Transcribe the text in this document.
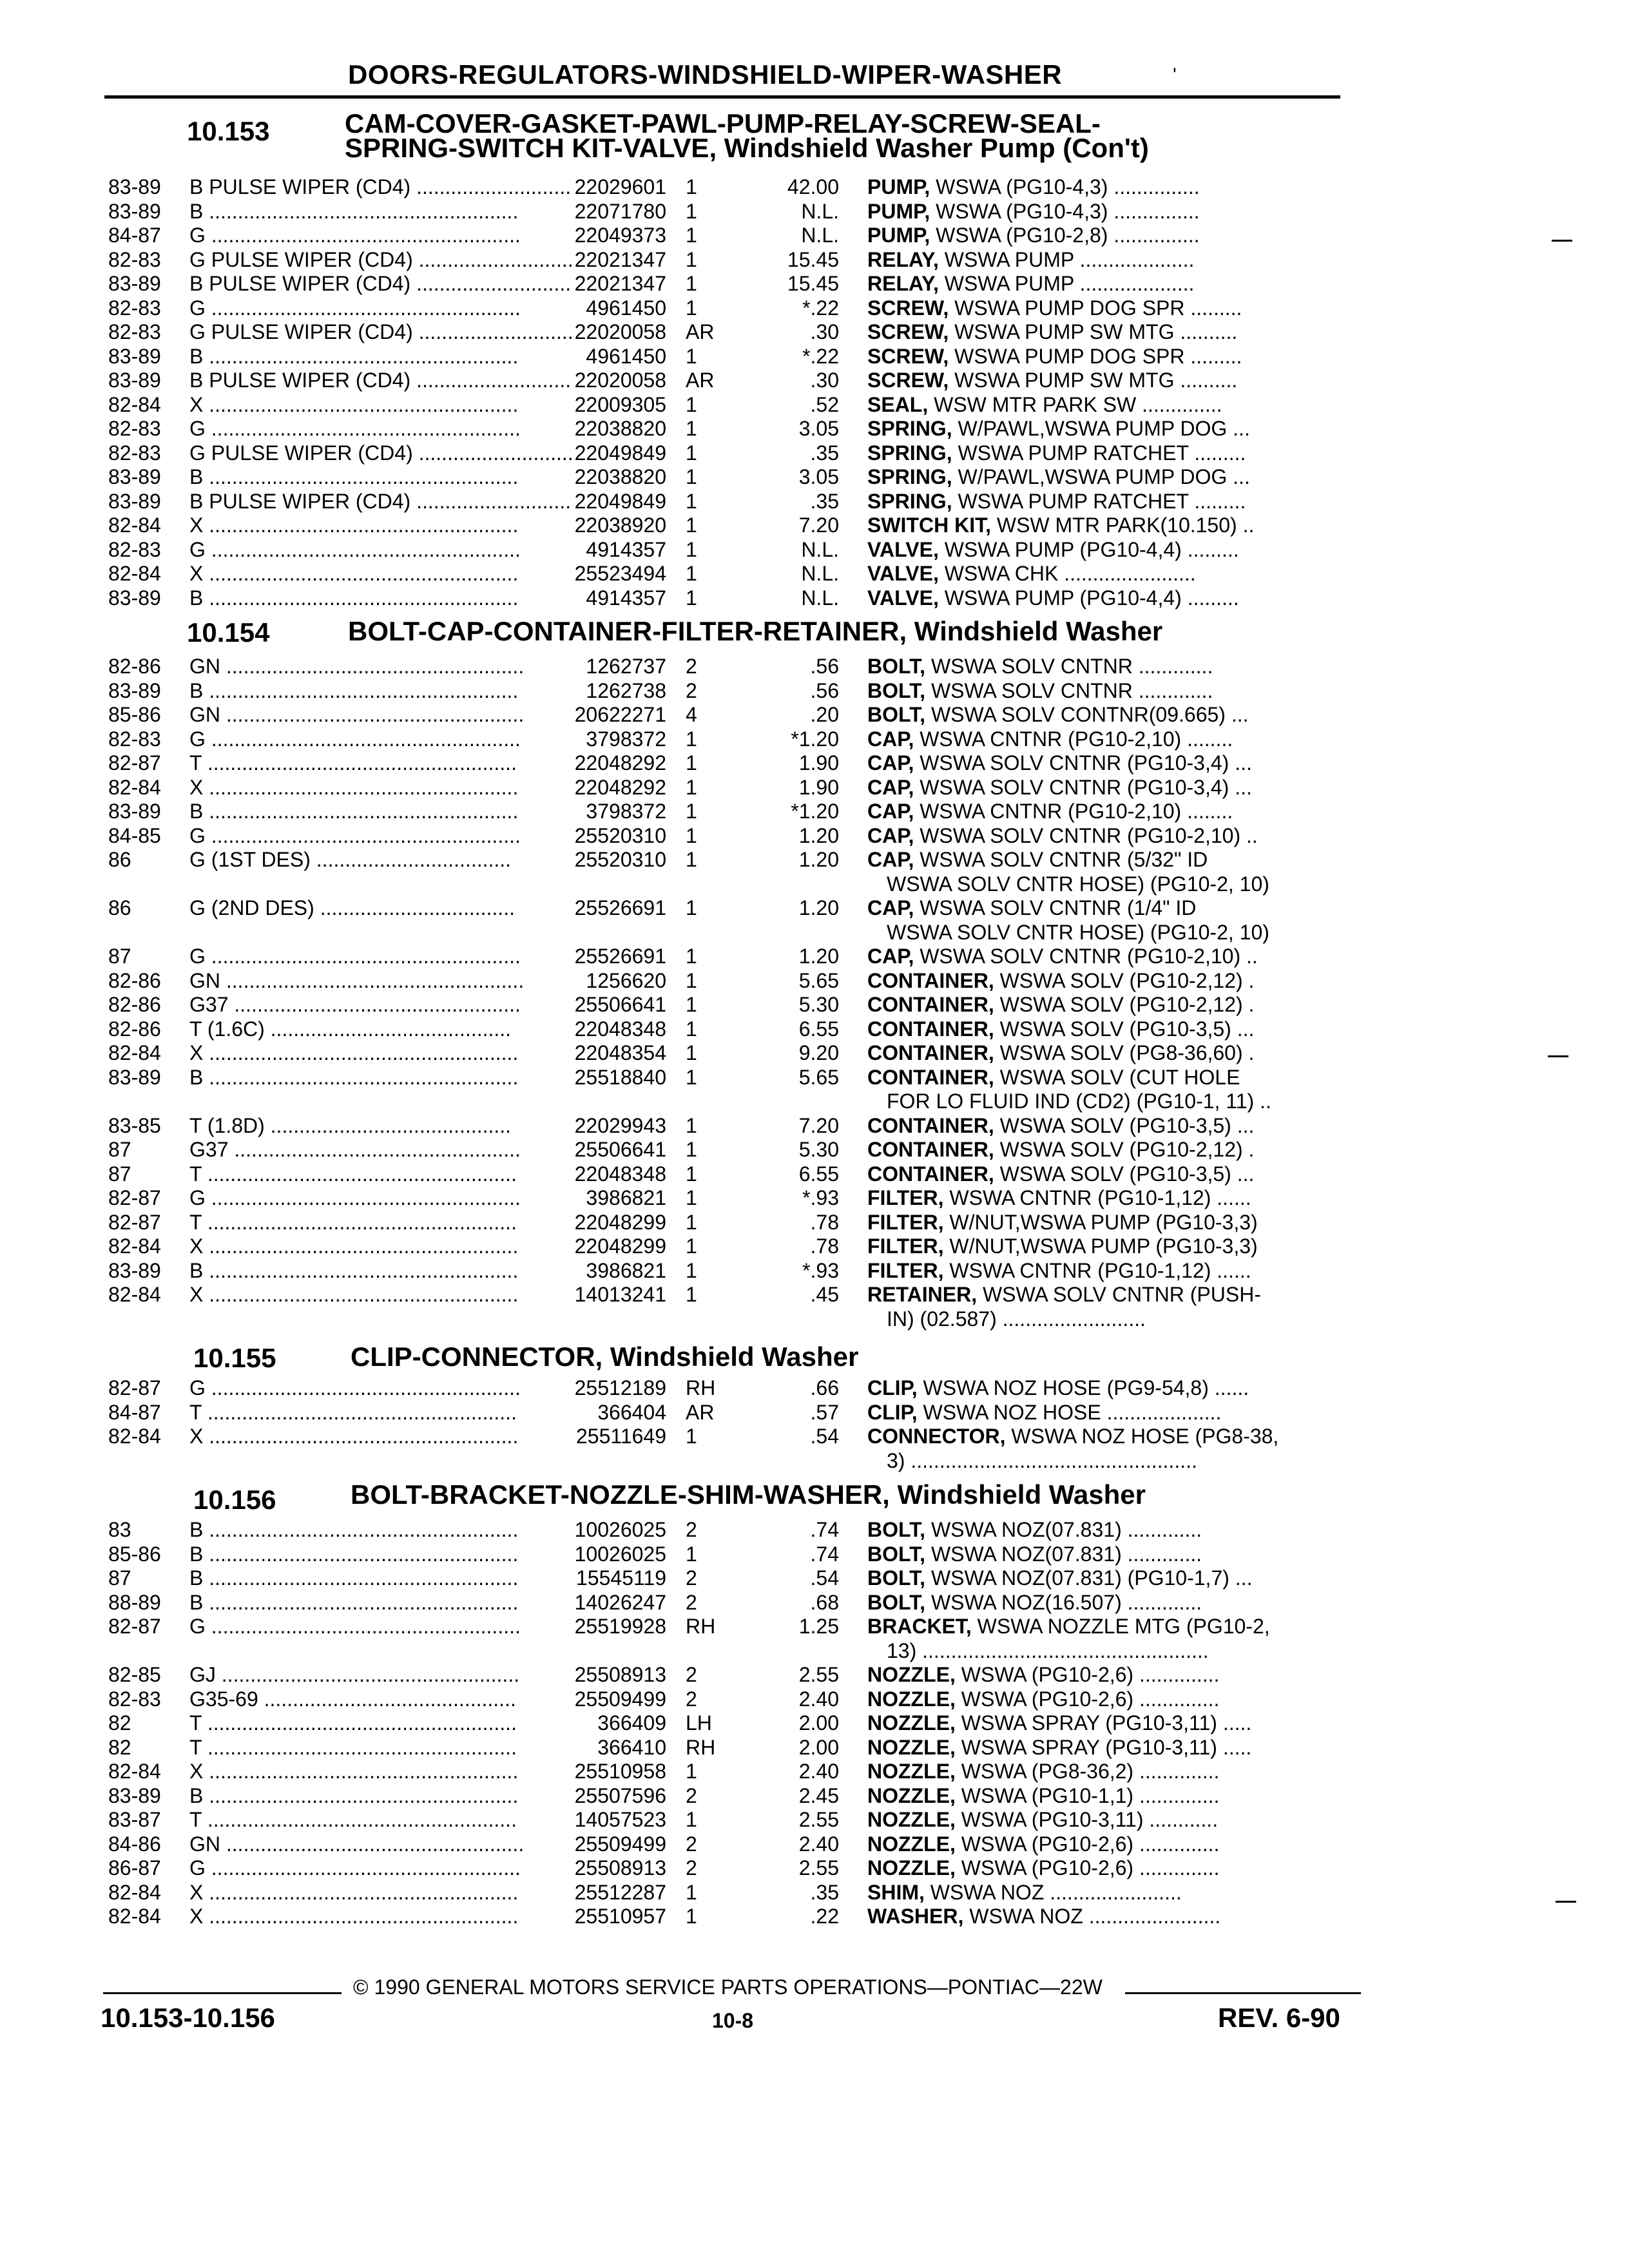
DOORS-REGULATORS-WINDSHIELD-WIPER-WASHER	'
10.153	CAM-COVER-GASKET-PAWL-PUMP-RELAY-SCREW-SEAL-
SPRING-SWITCH KIT-VALVE, Windshield Washer Pump (Con't)
83-89 B PULSE WIPER (CD4) ........................... 22029601 1	42.00 PUMP, WSWA (PG10-4,3) ...............
83-89 B ......................................................	22071780 1	N.L. PUMP, WSWA (PG10-4,3) ...............
84-87 G ......................................................	22049373 1	N.L. PUMP, WSWA (PG10-2,8) ...............
82-83 G PULSE WIPER (CD4) ........................... 22021347 1	15.45 RELAY, WSWA PUMP ....................
83-89 B PULSE WIPER (CD4) ........................... 22021347 1	15.45 RELAY, WSWA PUMP ....................
82-83 G ......................................................	4961450 1	*.22 SCREW, WSWA PUMP DOG SPR .........
82-83 G PULSE WIPER (CD4) ........................... 22020058 AR	.30 SCREW, WSWA PUMP SW MTG ..........
83-89 B ......................................................	4961450 1	*.22 SCREW, WSWA PUMP DOG SPR .........
83-89 B PULSE WIPER (CD4) ........................... 22020058 AR	.30 SCREW, WSWA PUMP SW MTG ..........
82-84 X ......................................................	22009305 1	.52 SEAL, WSW MTR PARK SW ..............
82-83 G ......................................................	22038820 1	3.05 SPRING, W/PAWL,WSWA PUMP DOG ...
82-83 G PULSE WIPER (CD4) ........................... 22049849 1	.35 SPRING, WSWA PUMP RATCHET .........
83-89 B ......................................................	22038820 1	3.05 SPRING, W/PAWL,WSWA PUMP DOG ...
83-89 B PULSE WIPER (CD4) ........................... 22049849 1	.35 SPRING, WSWA PUMP RATCHET .........
82-84 X ......................................................	22038920 1	7.20 SWITCH KIT, WSW MTR PARK(10.150) ..
82-83 G ......................................................	4914357 1	N.L. VALVE, WSWA PUMP (PG10-4,4) .........
82-84 X ......................................................	25523494 1	N.L. VALVE, WSWA CHK .......................
83-89 B ......................................................	4914357 1	N.L. VALVE, WSWA PUMP (PG10-4,4) .........
10.154	BOLT-CAP-CONTAINER-FILTER-RETAINER, Windshield Washer
82-86 GN ....................................................	1262737 2	.56 BOLT, WSWA SOLV CNTNR .............
83-89 B ......................................................	1262738 2	.56 BOLT, WSWA SOLV CNTNR .............
85-86 GN .................................................... 20622271 4	.20 BOLT, WSWA SOLV CONTNR(09.665) ...
82-83 G ......................................................	3798372 1	*1.20 CAP, WSWA CNTNR (PG10-2,10) ........
82-87 T ......................................................	22048292 1	1.90 CAP, WSWA SOLV CNTNR (PG10-3,4) ...
82-84 X ......................................................	22048292 1	1.90 CAP, WSWA SOLV CNTNR (PG10-3,4) ...
83-89 B ......................................................	3798372 1	*1.20 CAP, WSWA CNTNR (PG10-2,10) ........
84-85 G ......................................................	25520310 1	1.20 CAP, WSWA SOLV CNTNR (PG10-2,10) ..
86	G (1ST DES) ..................................	25520310 1	1.20 CAP, WSWA SOLV CNTNR (5/32" ID
WSWA SOLV CNTR HOSE) (PG10-2, 10)
86	G (2ND DES) ..................................	25526691 1	1.20 CAP, WSWA SOLV CNTNR (1/4" ID
WSWA SOLV CNTR HOSE) (PG10-2, 10)
87	G ......................................................	25526691 1	1.20 CAP, WSWA SOLV CNTNR (PG10-2,10) ..
82-86 GN ....................................................	1256620 1	5.65 CONTAINER, WSWA SOLV (PG10-2,12) .
82-86 G37 ..................................................	25506641 1	5.30 CONTAINER, WSWA SOLV (PG10-2,12) .
82-86 T (1.6C) ..........................................	22048348 1	6.55 CONTAINER, WSWA SOLV (PG10-3,5) ...
82-84 X ......................................................	22048354 1	9.20 CONTAINER, WSWA SOLV (PG8-36,60) .
83-89 B ......................................................	25518840 1	5.65 CONTAINER, WSWA SOLV (CUT HOLE
FOR LO FLUID IND (CD2) (PG10-1, 11) ..
83-85 T (1.8D) ..........................................	22029943 1	7.20 CONTAINER, WSWA SOLV (PG10-3,5) ...
87	G37 ..................................................	25506641 1	5.30 CONTAINER, WSWA SOLV (PG10-2,12) .
87	T ......................................................	22048348 1	6.55 CONTAINER, WSWA SOLV (PG10-3,5) ...
82-87 G ......................................................	3986821 1	*.93 FILTER, WSWA CNTNR (PG10-1,12) ......
82-87 T ......................................................	22048299 1	.78 FILTER, W/NUT,WSWA PUMP (PG10-3,3)
82-84 X ......................................................	22048299 1	.78 FILTER, W/NUT,WSWA PUMP (PG10-3,3)
83-89 B ......................................................	3986821 1	*.93 FILTER, WSWA CNTNR (PG10-1,12) ......
82-84 X ......................................................	14013241 1	.45 RETAINER, WSWA SOLV CNTNR (PUSH-
IN) (02.587) .........................
10.155	CLIP-CONNECTOR, Windshield Washer
82-87 G ......................................................	25512189 RH	.66 CLIP, WSWA NOZ HOSE (PG9-54,8) ......
84-87 T ......................................................	366404 AR	.57 CLIP, WSWA NOZ HOSE ....................
82-84 X ......................................................	25511649 1	.54 CONNECTOR, WSWA NOZ HOSE (PG8-38,
3) ..................................................
10.156	BOLT-BRACKET-NOZZLE-SHIM-WASHER, Windshield Washer
83	B ......................................................	10026025 2	.74 BOLT, WSWA NOZ(07.831) .............
85-86 B ......................................................	10026025 1	.74 BOLT, WSWA NOZ(07.831) .............
87	B ......................................................	15545119 2	.54 BOLT, WSWA NOZ(07.831) (PG10-1,7) ...
88-89 B ......................................................	14026247 2	.68 BOLT, WSWA NOZ(16.507) .............
82-87 G ......................................................	25519928 RH	1.25 BRACKET, WSWA NOZZLE MTG (PG10-2,
13) ..................................................
82-85 GJ ....................................................	25508913 2	2.55 NOZZLE, WSWA (PG10-2,6) ..............
82-83 G35-69 ............................................	25509499 2	2.40 NOZZLE, WSWA (PG10-2,6) ..............
82	T ......................................................	366409 LH	2.00 NOZZLE, WSWA SPRAY (PG10-3,11) .....
82	T ......................................................	366410 RH	2.00 NOZZLE, WSWA SPRAY (PG10-3,11) .....
82-84 X ......................................................	25510958 1	2.40 NOZZLE, WSWA (PG8-36,2) ..............
83-89 B ......................................................	25507596 2	2.45 NOZZLE, WSWA (PG10-1,1) ..............
83-87 T ......................................................	14057523 1	2.55 NOZZLE, WSWA (PG10-3,11) ............
84-86 GN .................................................... 25509499 2	2.40 NOZZLE, WSWA (PG10-2,6) ..............
86-87 G ......................................................	25508913 2	2.55 NOZZLE, WSWA (PG10-2,6) ..............
82-84 X ......................................................	25512287 1	.35 SHIM, WSWA NOZ .......................
82-84 X ......................................................	25510957 1	.22 WASHER, WSWA NOZ .......................
© 1990 GENERAL MOTORS SERVICE PARTS OPERATIONS—PONTIAC—22W
10.153-10.156	10-8	REV. 6-90
